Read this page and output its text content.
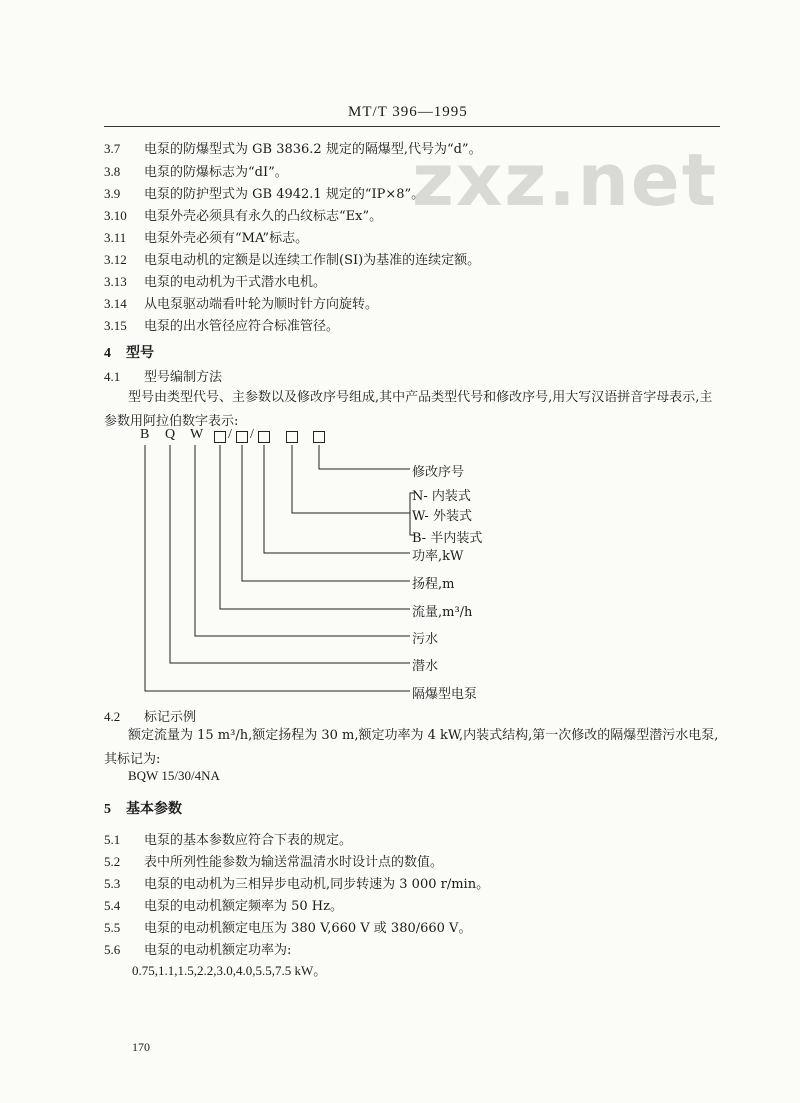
MT/T 396—1995
zxz.net
3.7 电泵的防爆型式为 GB 3836.2 规定的隔爆型,代号为“d”。
3.8 电泵的防爆标志为“dI”。
3.9 电泵的防护型式为 GB 4942.1 规定的“IP×8”。
3.10 电泵外壳必须具有永久的凸纹标志“Ex”。
3.11 电泵外壳必须有“MA”标志。
3.12 电泵电动机的定额是以连续工作制(SI)为基准的连续定额。
3.13 电泵的电动机为干式潜水电机。
3.14 从电泵驱动端看叶轮为顺时针方向旋转。
3.15 电泵的出水管径应符合标准管径。
4 型号
4.1 型号编制方法
型号由类型代号、主参数以及修改序号组成,其中产品类型代号和修改序号,用大写汉语拼音字母表示,主参数用阿拉伯数字表示:
B Q W / /
修改序号
N- 内装式
W- 外装式
B- 半内装式
功率,kW
扬程,m
流量,m³/h
污水
潜水
隔爆型电泵
4.2 标记示例
额定流量为 15 m³/h,额定扬程为 30 m,额定功率为 4 kW,内装式结构,第一次修改的隔爆型潜污水电泵,其标记为:
BQW 15/30/4NA
5 基本参数
5.1 电泵的基本参数应符合下表的规定。
5.2 表中所列性能参数为输送常温清水时设计点的数值。
5.3 电泵的电动机为三相异步电动机,同步转速为 3 000 r/min。
5.4 电泵的电动机额定频率为 50 Hz。
5.5 电泵的电动机额定电压为 380 V,660 V 或 380/660 V。
5.6 电泵的电动机额定功率为:
0.75,1.1,1.5,2.2,3.0,4.0,5.5,7.5 kW。
170
